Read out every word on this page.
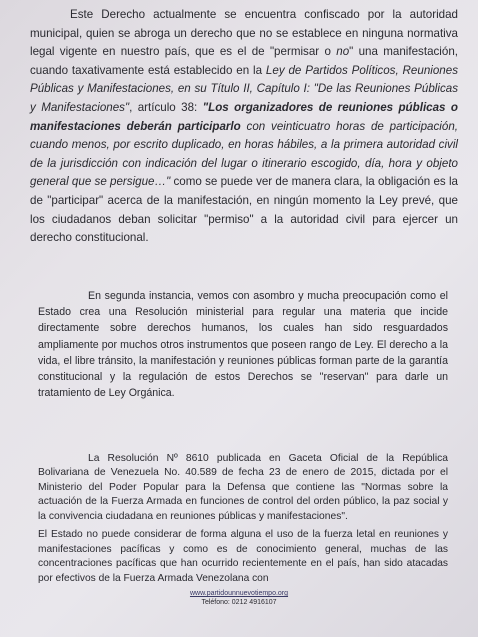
Este Derecho actualmente se encuentra confiscado por la autoridad municipal, quien se abroga un derecho que no se establece en ninguna normativa legal vigente en nuestro país, que es el de "permisar o no" una manifestación, cuando taxativamente está establecido en la Ley de Partidos Políticos, Reuniones Públicas y Manifestaciones, en su Título II, Capítulo I: "De las Reuniones Públicas y Manifestaciones", artículo 38: "Los organizadores de reuniones públicas o manifestaciones deberán participarlo con veinticuatro horas de participación, cuando menos, por escrito duplicado, en horas hábiles, a la primera autoridad civil de la jurisdicción con indicación del lugar o itinerario escogido, día, hora y objeto general que se persigue…" como se puede ver de manera clara, la obligación es la de "participar" acerca de la manifestación, en ningún momento la Ley prevé, que los ciudadanos deban solicitar "permiso" a la autoridad civil para ejercer un derecho constitucional.

En segunda instancia, vemos con asombro y mucha preocupación como el Estado crea una Resolución ministerial para regular una materia que incide directamente sobre derechos humanos, los cuales han sido resguardados ampliamente por muchos otros instrumentos que poseen rango de Ley. El derecho a la vida, el libre tránsito, la manifestación y reuniones públicas forman parte de la garantía constitucional y la regulación de estos Derechos se "reservan" para darle un tratamiento de Ley Orgánica.

La Resolución Nº 8610 publicada en Gaceta Oficial de la República Bolivariana de Venezuela No. 40.589 de fecha 23 de enero de 2015, dictada por el Ministerio del Poder Popular para la Defensa que contiene las "Normas sobre la actuación de la Fuerza Armada en funciones de control del orden público, la paz social y la convivencia ciudadana en reuniones públicas y manifestaciones".

El Estado no puede considerar de forma alguna el uso de la fuerza letal en reuniones y manifestaciones pacíficas y como es de conocimiento general, muchas de las concentraciones pacíficas que han ocurrido recientemente en el país, han sido atacadas por efectivos de la Fuerza Armada Venezolana con

www.partidounnuevotiempo.org
Teléfono: 0212 4916107
